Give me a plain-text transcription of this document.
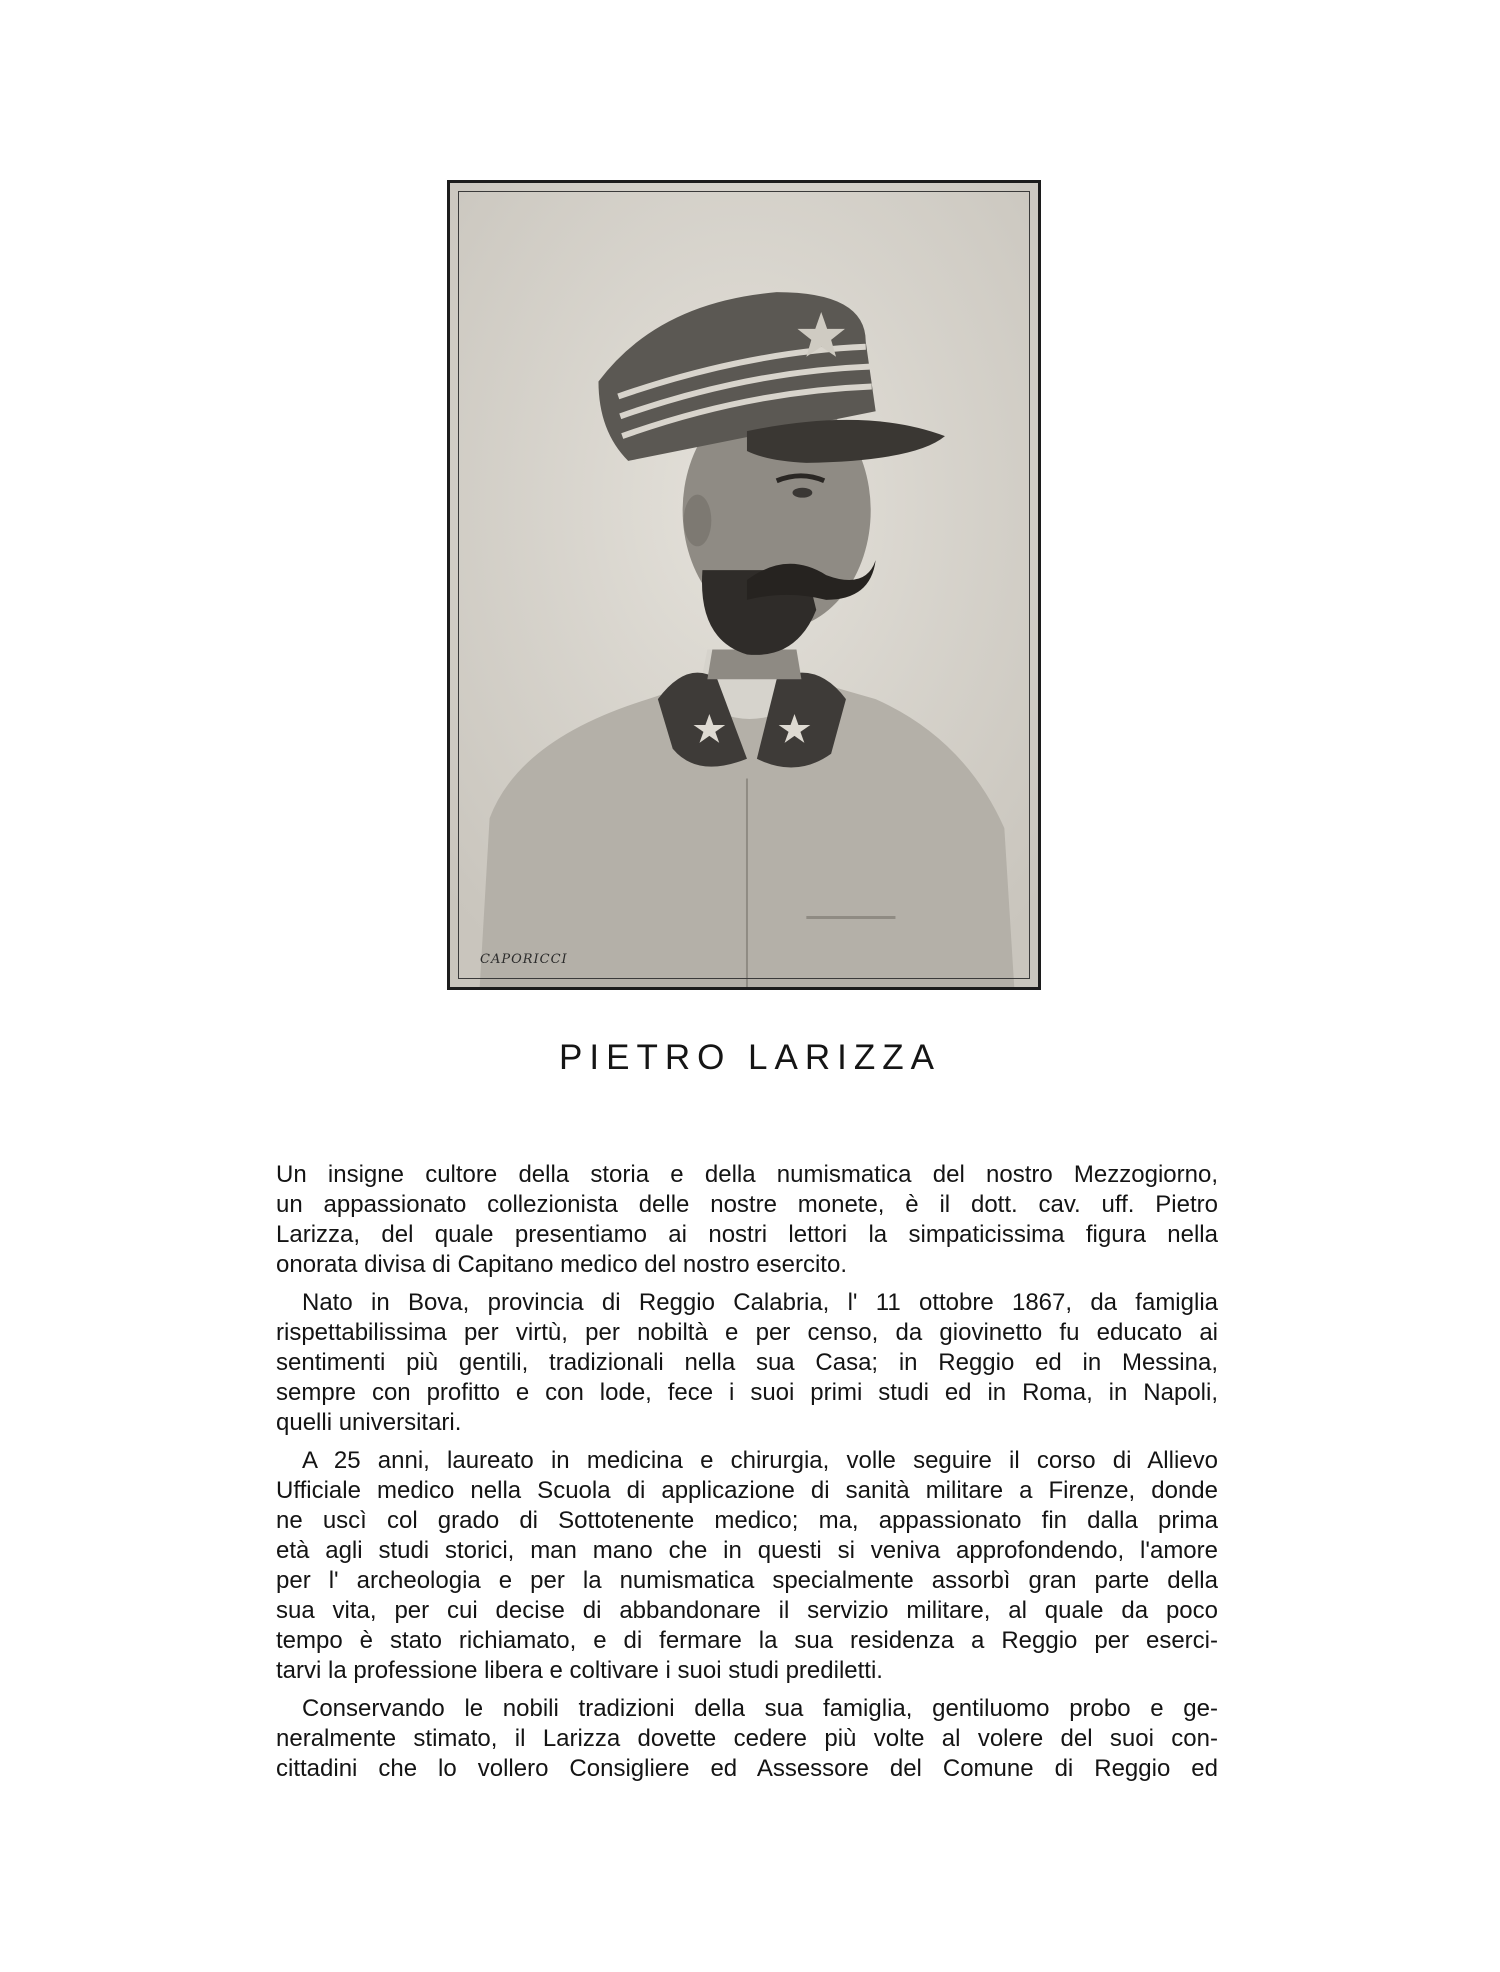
CAPORICCI
PIETRO LARIZZA

Un insigne cultore della storia e della numismatica del nostro Mezzogiorno,
un appassionato collezionista delle nostre monete, è il dott. cav. uff. Pietro
Larizza, del quale presentiamo ai nostri lettori la simpaticissima figura nella
onorata divisa di Capitano medico del nostro esercito.

Nato in Bova, provincia di Reggio Calabria, l' 11 ottobre 1867, da famiglia
rispettabilissima per virtù, per nobiltà e per censo, da giovinetto fu educato ai
sentimenti più gentili, tradizionali nella sua Casa; in Reggio ed in Messina,
sempre con profitto e con lode, fece i suoi primi studi ed in Roma, in Napoli,
quelli universitari.

A 25 anni, laureato in medicina e chirurgia, volle seguire il corso di Allievo
Ufficiale medico nella Scuola di applicazione di sanità militare a Firenze, donde
ne uscì col grado di Sottotenente medico; ma, appassionato fin dalla prima
età agli studi storici, man mano che in questi si veniva approfondendo, l'amore
per l' archeologia e per la numismatica specialmente assorbì gran parte della
sua vita, per cui decise di abbandonare il servizio militare, al quale da poco
tempo è stato richiamato, e di fermare la sua residenza a Reggio per eserci-
tarvi la professione libera e coltivare i suoi studi prediletti.

Conservando le nobili tradizioni della sua famiglia, gentiluomo probo e ge-
neralmente stimato, il Larizza dovette cedere più volte al volere del suoi con-
cittadini che lo vollero Consigliere ed Assessore del Comune di Reggio ed
